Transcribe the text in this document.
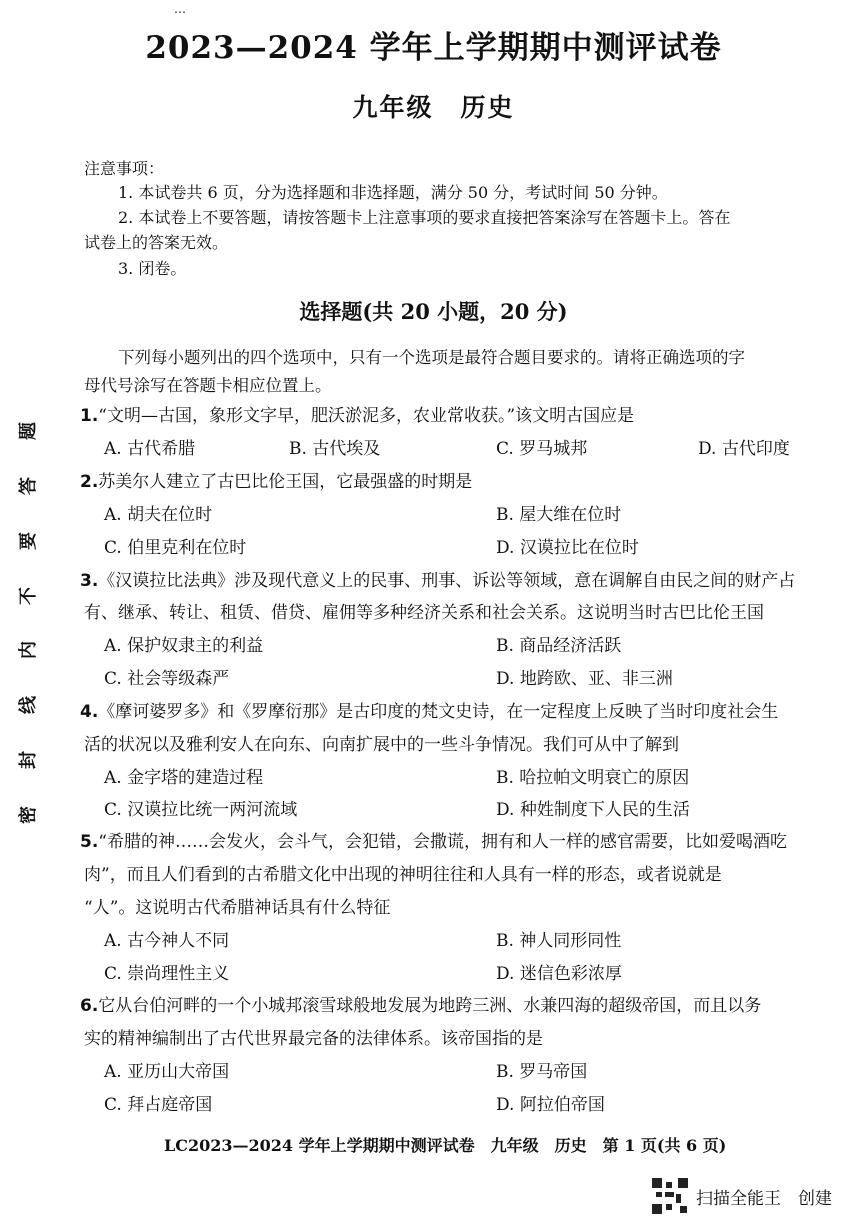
…
2023—2024 学年上学期期中测评试卷
九年级　历史
注意事项：
1. 本试卷共 6 页，分为选择题和非选择题，满分 50 分，考试时间 50 分钟。
2. 本试卷上不要答题，请按答题卡上注意事项的要求直接把答案涂写在答题卡上。答在
试卷上的答案无效。
3. 闭卷。
选择题(共 20 小题，20 分)
下列每小题列出的四个选项中，只有一个选项是最符合题目要求的。请将正确选项的字
母代号涂写在答题卡相应位置上。
1.“文明—古国，象形文字早，肥沃淤泥多，农业常收获。”该文明古国应是
A. 古代希腊	B. 古代埃及	C. 罗马城邦	D. 古代印度
2.苏美尔人建立了古巴比伦王国，它最强盛的时期是
A. 胡夫在位时	B. 屋大维在位时
C. 伯里克利在位时	D. 汉谟拉比在位时
3.《汉谟拉比法典》涉及现代意义上的民事、刑事、诉讼等领域，意在调解自由民之间的财产占
有、继承、转让、租赁、借贷、雇佣等多种经济关系和社会关系。这说明当时古巴比伦王国
A. 保护奴隶主的利益	B. 商品经济活跃
C. 社会等级森严	D. 地跨欧、亚、非三洲
4.《摩诃婆罗多》和《罗摩衍那》是古印度的梵文史诗，在一定程度上反映了当时印度社会生
活的状况以及雅利安人在向东、向南扩展中的一些斗争情况。我们可从中了解到
A. 金字塔的建造过程	B. 哈拉帕文明衰亡的原因
C. 汉谟拉比统一两河流域	D. 种姓制度下人民的生活
5.“希腊的神……会发火，会斗气，会犯错，会撒谎，拥有和人一样的感官需要，比如爱喝酒吃
肉”，而且人们看到的古希腊文化中出现的神明往往和人具有一样的形态，或者说就是
“人”。这说明古代希腊神话具有什么特征
A. 古今神人不同	B. 神人同形同性
C. 崇尚理性主义	D. 迷信色彩浓厚
6.它从台伯河畔的一个小城邦滚雪球般地发展为地跨三洲、水兼四海的超级帝国，而且以务
实的精神编制出了古代世界最完备的法律体系。该帝国指的是
A. 亚历山大帝国	B. 罗马帝国
C. 拜占庭帝国	D. 阿拉伯帝国
题
答
要
不
内
线
封
密
LC2023—2024 学年上学期期中测评试卷　九年级　历史　第 1 页(共 6 页)
扫描全能王　创建
